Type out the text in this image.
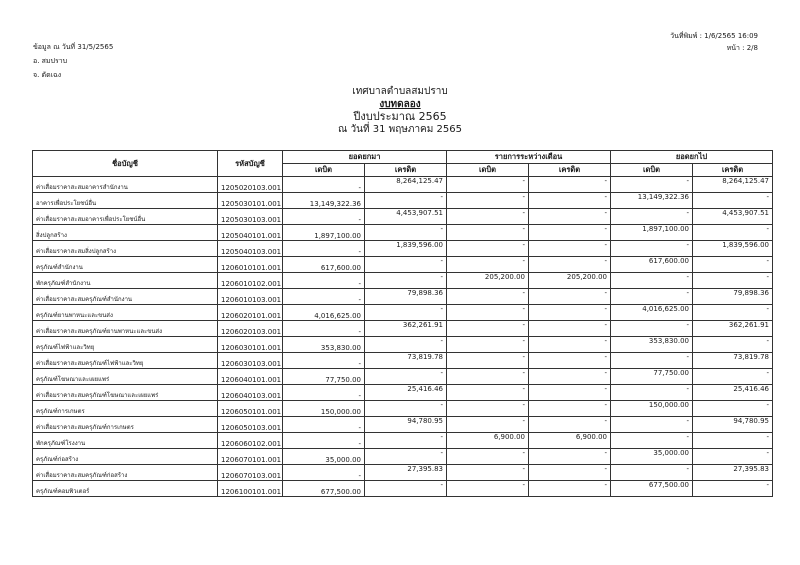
ข้อมูล ณ วันที่ 31/5/2565
อ. สมปราบ
จ. ตัดเฉง
วันที่พิมพ์ : 1/6/2565 16:09
หน้า : 2/8
เทศบาลตำบลสมปราบ
งบทดลอง
ปีงบประมาณ 2565
ณ วันที่ 31 พฤษภาคม 2565
ชื่อบัญชี	รหัสบัญชี	ยอดยกมา		รายการระหว่างเดือน		ยอดยกไป	
		เดบิต	เครดิต	เดบิต	เครดิต	เดบิต	เครดิต
ค่าเสื่อมราคาสะสมอาคารสำนักงาน	1205020103.001	-	8,264,125.47	-	-	-	8,264,125.47
อาคารเพื่อประโยชน์อื่น	1205030101.001	13,149,322.36	-	-	-	13,149,322.36	-
ค่าเสื่อมราคาสะสมอาคารเพื่อประโยชน์อื่น	1205030103.001	-	4,453,907.51	-	-	-	4,453,907.51
สิ่งปลูกสร้าง	1205040101.001	1,897,100.00	-	-	-	1,897,100.00	-
ค่าเสื่อมราคาสะสมสิ่งปลูกสร้าง	1205040103.001	-	1,839,596.00	-	-	-	1,839,596.00
ครุภัณฑ์สำนักงาน	1206010101.001	617,600.00	-	-	-	617,600.00	-
พักครุภัณฑ์สำนักงาน	1206010102.001	-	-	205,200.00	205,200.00	-	-
ค่าเสื่อมราคาสะสมครุภัณฑ์สำนักงาน	1206010103.001	-	79,898.36	-	-	-	79,898.36
ครุภัณฑ์ยานพาหนะและขนส่ง	1206020101.001	4,016,625.00	-	-	-	4,016,625.00	-
ค่าเสื่อมราคาสะสมครุภัณฑ์ยานพาหนะและขนส่ง	1206020103.001	-	362,261.91	-	-	-	362,261.91
ครุภัณฑ์ไฟฟ้าและวิทยุ	1206030101.001	353,830.00	-	-	-	353,830.00	-
ค่าเสื่อมราคาสะสมครุภัณฑ์ไฟฟ้าและวิทยุ	1206030103.001	-	73,819.78	-	-	-	73,819.78
ครุภัณฑ์โฆษณาและเผยแพร่	1206040101.001	77,750.00	-	-	-	77,750.00	-
ค่าเสื่อมราคาสะสมครุภัณฑ์โฆษณาและเผยแพร่	1206040103.001	-	25,416.46	-	-	-	25,416.46
ครุภัณฑ์การเกษตร	1206050101.001	150,000.00	-	-	-	150,000.00	-
ค่าเสื่อมราคาสะสมครุภัณฑ์การเกษตร	1206050103.001	-	94,780.95	-	-	-	94,780.95
พักครุภัณฑ์โรงงาน	1206060102.001	-	-	6,900.00	6,900.00	-	-
ครุภัณฑ์ก่อสร้าง	1206070101.001	35,000.00	-	-	-	35,000.00	-
ค่าเสื่อมราคาสะสมครุภัณฑ์ก่อสร้าง	1206070103.001	-	27,395.83	-	-	-	27,395.83
ครุภัณฑ์คอมพิวเตอร์	1206100101.001	677,500.00	-	-	-	677,500.00	-
